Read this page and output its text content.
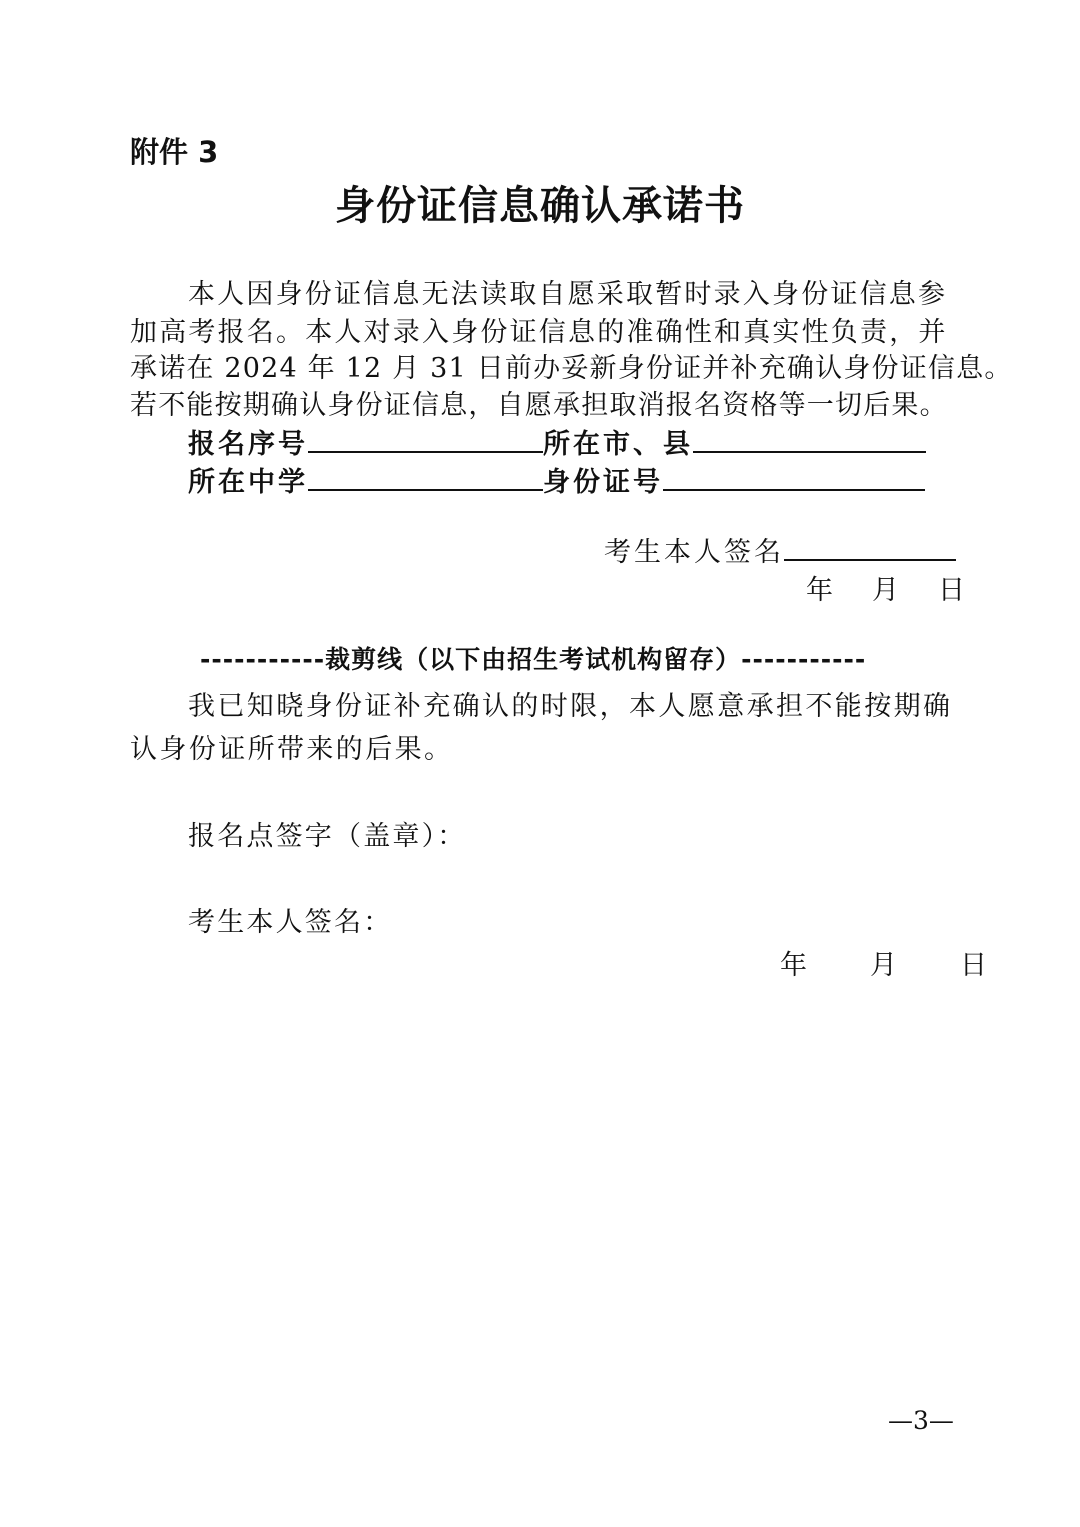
附件 3
身份证信息确认承诺书
本人因身份证信息无法读取自愿采取暂时录入身份证信息参
加高考报名。本人对录入身份证信息的准确性和真实性负责，并
承诺在 2024 年 12 月 31 日前办妥新身份证并补充确认身份证信息。
若不能按期确认身份证信息，自愿承担取消报名资格等一切后果。
报名序号	所在市、县
所在中学	身份证号
考生本人签名
年　月　日
-----------裁剪线（以下由招生考试机构留存）-----------
我已知晓身份证补充确认的时限，本人愿意承担不能按期确
认身份证所带来的后果。
报名点签字（盖章）：
考生本人签名：
年　　月　　日
—3—
